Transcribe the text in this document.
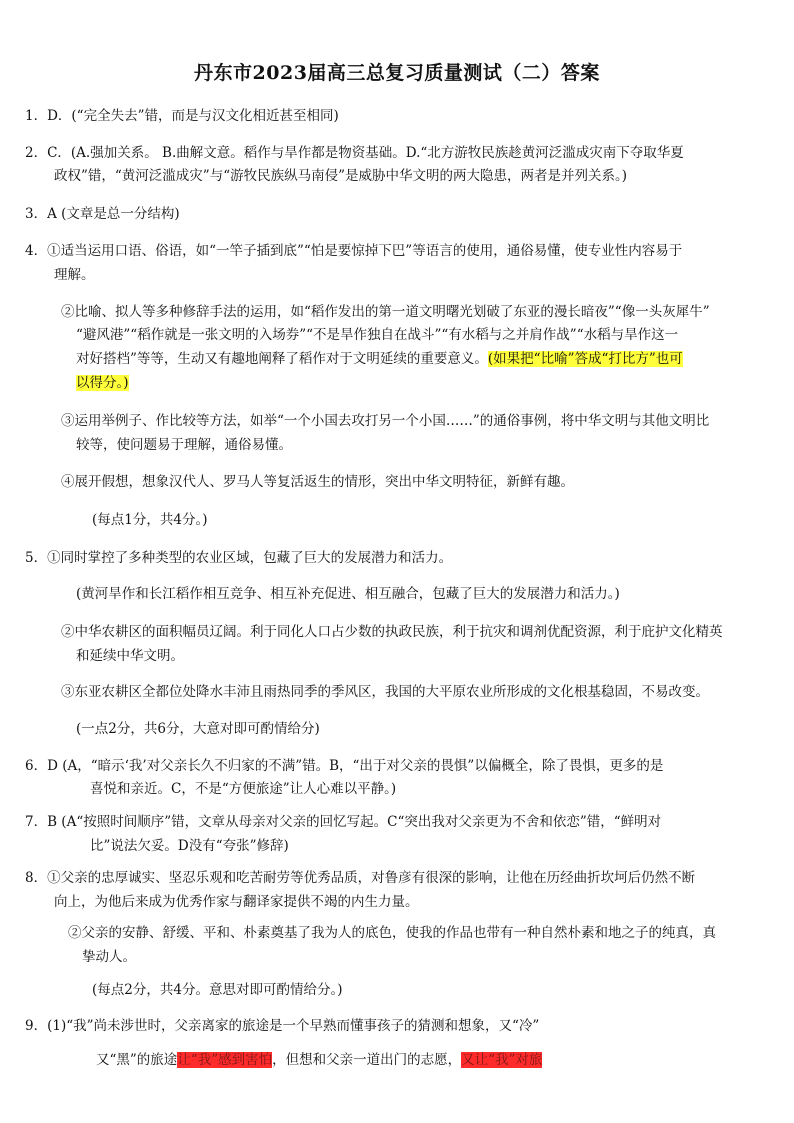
丹东市2023届高三总复习质量测试（二）答案
1．D．(“完全失去”错，而是与汉文化相近甚至相同)
2．C．(A.强加关系。 B.曲解文意。稻作与旱作都是物资基础。D.“北方游牧民族趁黄河泛滥成灾南下夺取华夏
政权”错，“黄河泛滥成灾”与“游牧民族纵马南侵”是威胁中华文明的两大隐患，两者是并列关系。)
3．A (文章是总一分结构)
4．①适当运用口语、俗语，如“一竿子插到底”“怕是要惊掉下巴”等语言的使用，通俗易懂，使专业性内容易于
理解。
②比喻、拟人等多种修辞手法的运用，如“稻作发出的第一道文明曙光划破了东亚的漫长暗夜”“像一头灰犀牛”
“避风港”“稻作就是一张文明的入场券”“不是旱作独自在战斗”“有水稻与之并肩作战”“水稻与旱作这一
对好搭档”等等，生动又有趣地阐释了稻作对于文明延续的重要意义。(如果把“比喻”答成“打比方”也可
以得分。)
③运用举例子、作比较等方法，如举“一个小国去攻打另一个小国……”的通俗事例，将中华文明与其他文明比
较等，使问题易于理解，通俗易懂。
④展开假想，想象汉代人、罗马人等复活返生的情形，突出中华文明特征，新鲜有趣。
(每点1分，共4分。)
5．①同时掌控了多种类型的农业区域，包藏了巨大的发展潜力和活力。
(黄河旱作和长江稻作相互竞争、相互补充促进、相互融合，包藏了巨大的发展潜力和活力。)
②中华农耕区的面积幅员辽阔。利于同化人口占少数的执政民族，利于抗灾和调剂优配资源，利于庇护文化精英
和延续中华文明。
③东亚农耕区全都位处降水丰沛且雨热同季的季风区，我国的大平原农业所形成的文化根基稳固，不易改变。
(一点2分，共6分，大意对即可酌情给分)
6．D (A，“暗示‘我’对父亲长久不归家的不满”错。B，“出于对父亲的畏惧”以偏概全，除了畏惧，更多的是
喜悦和亲近。C，不是“方便旅途”让人心难以平静。)
7．B (A“按照时间顺序”错，文章从母亲对父亲的回忆写起。C“突出我对父亲更为不舍和依恋”错，“鲜明对
比”说法欠妥。D没有“夸张”修辞)
8．①父亲的忠厚诚实、坚忍乐观和吃苦耐劳等优秀品质，对鲁彦有很深的影响，让他在历经曲折坎坷后仍然不断
向上，为他后来成为优秀作家与翻译家提供不竭的内生力量。
②父亲的安静、舒缓、平和、朴素奠基了我为人的底色，使我的作品也带有一种自然朴素和地之子的纯真，真
挚动人。
(每点2分，共4分。意思对即可酌情给分。)
9．(1)“我”尚未涉世时，父亲离家的旅途是一个早熟而懂事孩子的猜测和想象，又“冷”
又“黑”的旅途让“我”感到害怕，但想和父亲一道出门的志愿，又让“我”对旅
